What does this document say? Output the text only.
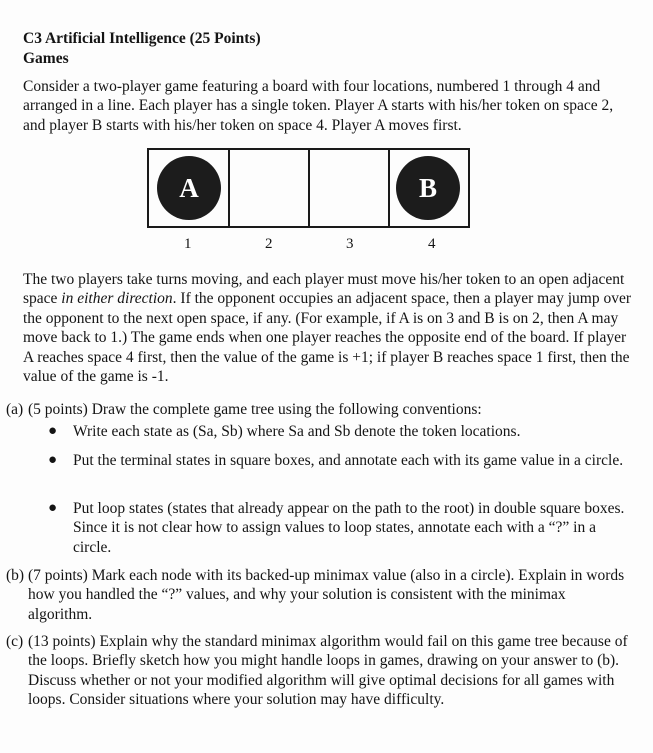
C3 Artificial Intelligence (25 Points)
Games
Consider a two-player game featuring a board with four locations, numbered 1 through 4 and arranged in a line. Each player has a single token. Player A starts with his/her token on space 2, and player B starts with his/her token on space 4. Player A moves first.
A	B
1	2	3	4
The two players take turns moving, and each player must move his/her token to an open adjacent space in either direction. If the opponent occupies an adjacent space, then a player may jump over the opponent to the next open space, if any. (For example, if A is on 3 and B is on 2, then A may move back to 1.) The game ends when one player reaches the opposite end of the board. If player A reaches space 4 first, then the value of the game is +1; if player B reaches space 1 first, then the value of the game is -1.
(a) (5 points) Draw the complete game tree using the following conventions:
● Write each state as (Sa, Sb) where Sa and Sb denote the token locations.
● Put the terminal states in square boxes, and annotate each with its game value in a circle.
● Put loop states (states that already appear on the path to the root) in double square boxes. Since it is not clear how to assign values to loop states, annotate each with a “?” in a circle.
(b) (7 points) Mark each node with its backed-up minimax value (also in a circle). Explain in words how you handled the “?” values, and why your solution is consistent with the minimax algorithm.
(c) (13 points) Explain why the standard minimax algorithm would fail on this game tree because of the loops. Briefly sketch how you might handle loops in games, drawing on your answer to (b). Discuss whether or not your modified algorithm will give optimal decisions for all games with loops. Consider situations where your solution may have difficulty.
